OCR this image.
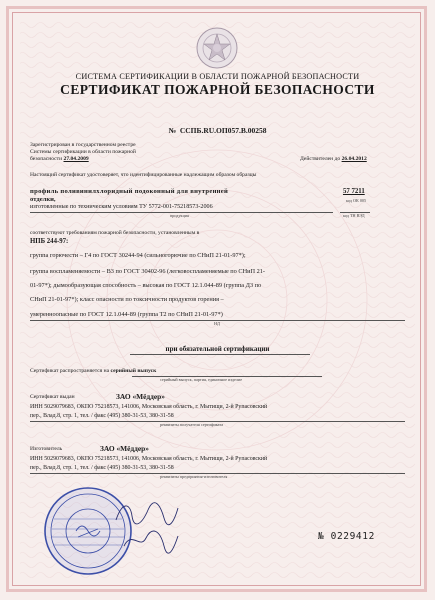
СИСТЕМА СЕРТИФИКАЦИИ В ОБЛАСТИ ПОЖАРНОЙ БЕЗОПАСНОСТИ
СЕРТИФИКАТ ПОЖАРНОЙ БЕЗОПАСНОСТИ
№ ССПБ.RU.ОП057.В.00258
Зарегистрирован в государственном реестре
Системы сертификации в области пожарной
безопасности 27.04.2009	Действителен до 26.04.2012
Настоящий сертификат удостоверяет, что идентифицированные надлежащим образом образцы
профиль поливинилхлоридный подоконный для внутренней
отделки,
изготовленные по техническим условиям ТУ 5772-001-75218573-2006
продукция
57 7211
код ОК 005
код ТН ВЭД
соответствуют требованиям пожарной безопасности, установленным в
НПБ 244-97:
группа горючести – Г4 по ГОСТ 30244-94 (сильногорючие по СНиП 21-01-97*);
группа воспламеняемости – В3 по ГОСТ 30402-96 (легковоспламеняемые по СНиП 21-
01-97*); дымообразующая способность – высокая по ГОСТ 12.1.044-89 (группа Д3 по
СНиП 21-01-97*); класс опасности по токсичности продуктов горения –
умеренноопасные по ГОСТ 12.1.044-89 (группа Т2 по СНиП 21-01-97*)
НД
при обязательной сертификации
Сертификат распространяется на серийный выпуск
серийный выпуск, партия, единичное изделие
Сертификат выдан	ЗАО «Мёддер»
ИНН 5029079683, ОКПО 75218573, 141006, Московская область, г. Мытищи, 2-й Рупасовский
пер., Влад.8, стр. 1, тел. / факс (495) 380-31-53, 380-31-58
реквизиты получателя сертификата
Изготовитель	ЗАО «Мёддер»
ИНН 5029079683, ОКПО 75218573, 141006, Московская область, г. Мытищи, 2-й Рупасовский
пер., Влад.8, стр. 1, тел. / факс (495) 380-31-53, 380-31-58
реквизиты предприятия-изготовителя
№ 0229412
